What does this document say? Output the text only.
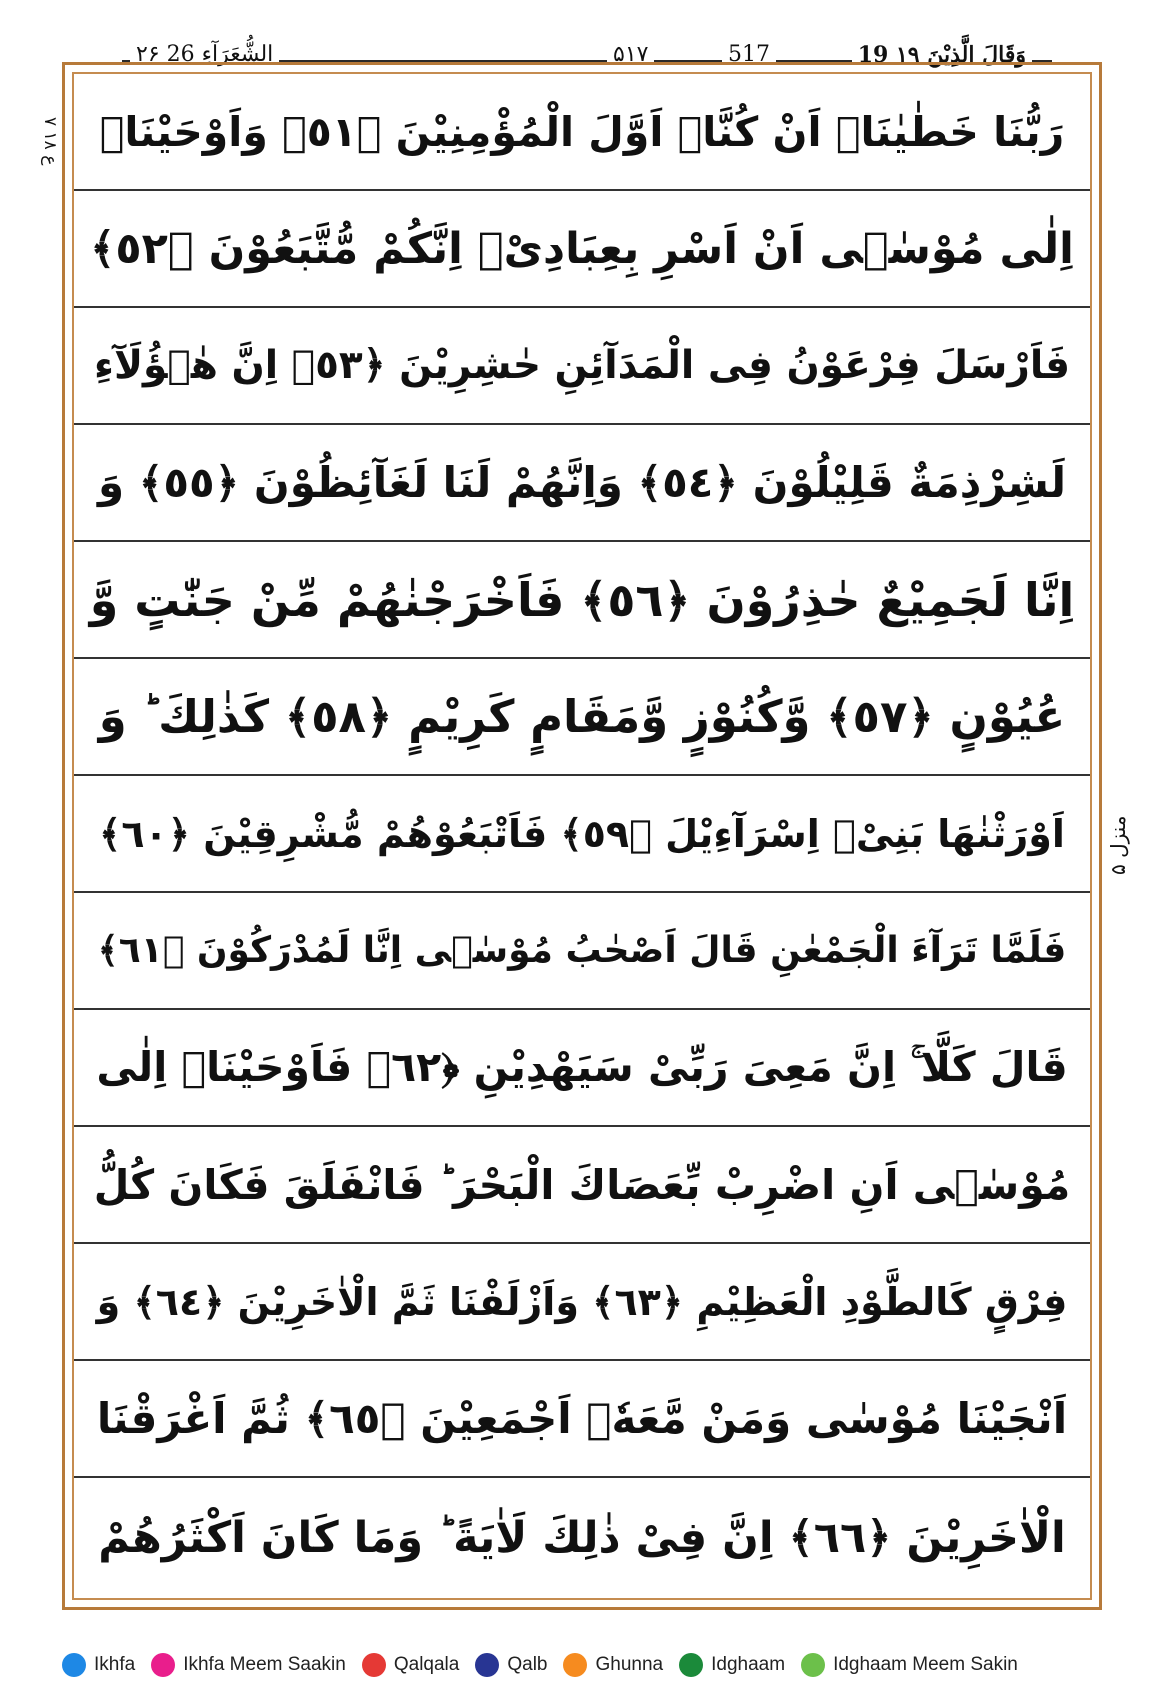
۲۶ الشُّعَرَآءِ 26	۵۱۷	517	19 وَقَالَ الَّذِيْنَ ۱۹
ع ۱۸ ۷
منزل ۵
رَبُّنَا خَطٰيٰنَاۤ اَنْ كُنَّاۤ اَوَّلَ الْمُؤْمِنِيْنَ ﴿٥١﴾ وَاَوْحَيْنَاۤ
اِلٰى مُوْسٰۤى اَنْ اَسْرِ بِعِبَادِیْۤ اِنَّكُمْ مُّتَّبَعُوْنَ ﴿٥٢﴾
فَاَرْسَلَ فِرْعَوْنُ فِی الْمَدَآئِنِ حٰشِرِيْنَ ﴿٥٣﴾ اِنَّ هٰۤؤُلَآءِ
لَشِرْذِمَةٌ قَلِيْلُوْنَ ﴿٥٤﴾ وَاِنَّهُمْ لَنَا لَغَآئِظُوْنَ ﴿٥٥﴾ وَ
اِنَّا لَجَمِيْعٌ حٰذِرُوْنَ ﴿٥٦﴾ فَاَخْرَجْنٰهُمْ مِّنْ جَنّٰتٍ وَّ
عُيُوْنٍ ﴿٥٧﴾ وَّكُنُوْزٍ وَّمَقَامٍ كَرِيْمٍ ﴿٥٨﴾ كَذٰلِكَ ؕ وَ
اَوْرَثْنٰهَا بَنِیْۤ اِسْرَآءِيْلَ ﴿٥٩﴾ فَاَتْبَعُوْهُمْ مُّشْرِقِيْنَ ﴿٦٠﴾
فَلَمَّا تَرَآءَ الْجَمْعٰنِ قَالَ اَصْحٰبُ مُوْسٰۤى اِنَّا لَمُدْرَكُوْنَ ﴿٦١﴾
قَالَ كَلَّا ۚ اِنَّ مَعِیَ رَبِّیْ سَيَهْدِيْنِ ﴿٦٢﴾ فَاَوْحَيْنَاۤ اِلٰى
مُوْسٰۤى اَنِ اضْرِبْ بِّعَصَاكَ الْبَحْرَ ؕ فَانْفَلَقَ فَكَانَ كُلُّ
فِرْقٍ كَالطَّوْدِ الْعَظِيْمِ ﴿٦٣﴾ وَاَزْلَفْنَا ثَمَّ الْاٰخَرِيْنَ ﴿٦٤﴾ وَ
اَنْجَيْنَا مُوْسٰى وَمَنْ مَّعَهٗۤ اَجْمَعِيْنَ ﴿٦٥﴾ ثُمَّ اَغْرَقْنَا
الْاٰخَرِيْنَ ﴿٦٦﴾ اِنَّ فِیْ ذٰلِكَ لَاٰيَةً ؕ وَمَا كَانَ اَكْثَرُهُمْ
Ikhfa	Ikhfa Meem Saakin	Qalqala	Qalb	Ghunna	Idghaam	Idghaam Meem Sakin
